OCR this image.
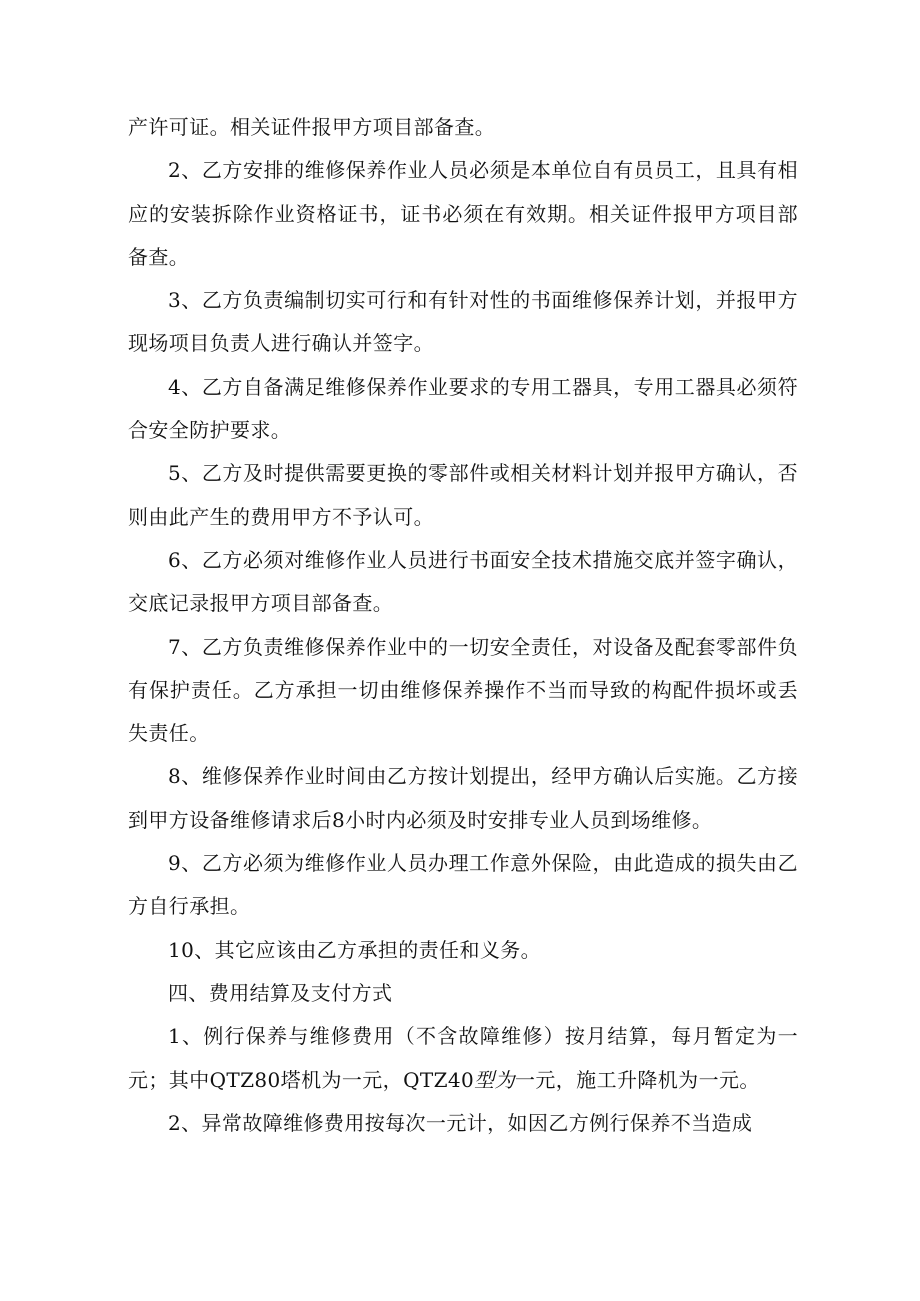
产许可证。相关证件报甲方项目部备查。

2、乙方安排的维修保养作业人员必须是本单位自有员员工，且具有相应的安装拆除作业资格证书，证书必须在有效期。相关证件报甲方项目部备查。

3、乙方负责编制切实可行和有针对性的书面维修保养计划，并报甲方现场项目负责人进行确认并签字。

4、乙方自备满足维修保养作业要求的专用工器具，专用工器具必须符合安全防护要求。

5、乙方及时提供需要更换的零部件或相关材料计划并报甲方确认，否则由此产生的费用甲方不予认可。

6、乙方必须对维修作业人员进行书面安全技术措施交底并签字确认，交底记录报甲方项目部备查。

7、乙方负责维修保养作业中的一切安全责任，对设备及配套零部件负有保护责任。乙方承担一切由维修保养操作不当而导致的构配件损坏或丢失责任。

8、维修保养作业时间由乙方按计划提出，经甲方确认后实施。乙方接到甲方设备维修请求后8小时内必须及时安排专业人员到场维修。

9、乙方必须为维修作业人员办理工作意外保险，由此造成的损失由乙方自行承担。

10、其它应该由乙方承担的责任和义务。

四、费用结算及支付方式

1、例行保养与维修费用（不含故障维修）按月结算，每月暂定为一元；其中QTZ80塔机为一元，QTZ40型为一元，施工升降机为一元。

2、异常故障维修费用按每次一元计，如因乙方例行保养不当造成
